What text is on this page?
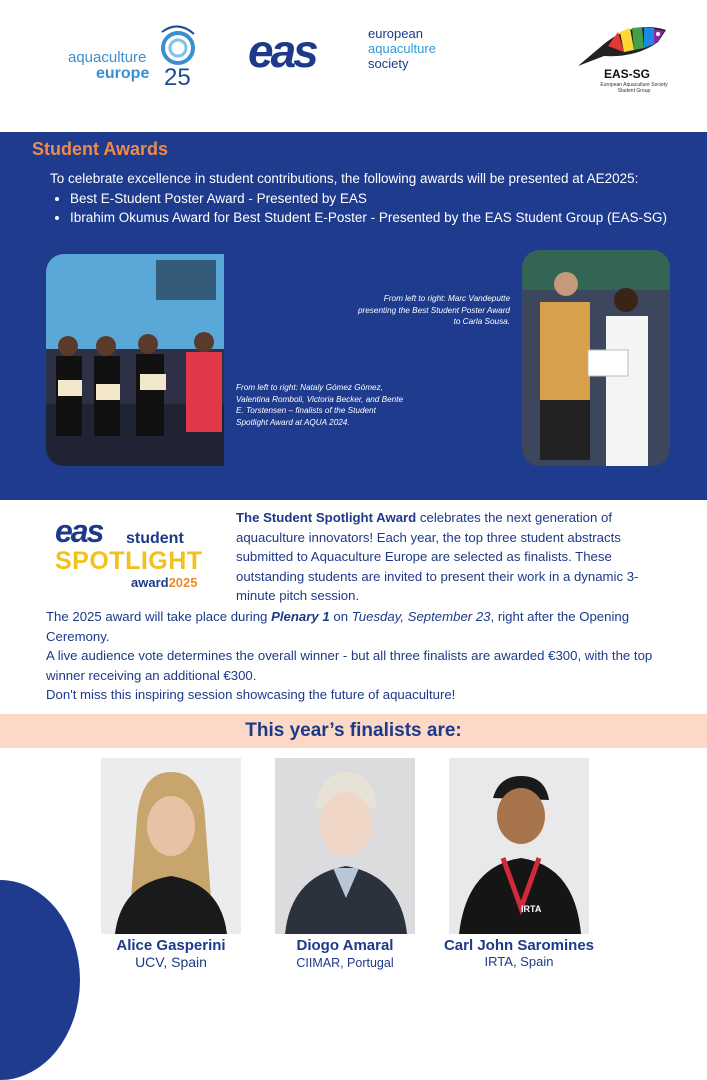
aquaculture
europe 25
eas	european
aquaculture
society
EAS-SG
European Aquaculture Society Student Group
Student Awards
To celebrate excellence in student contributions, the following awards will be presented at AE2025:
• Best E-Student Poster Award - Presented by EAS
• Ibrahim Okumus Award for Best Student E-Poster - Presented by the EAS Student Group (EAS-SG)
From left to right: Nataly Gómez Gómez, Valentina Romboli, Victoria Becker, and Bente E. Torstensen – finalists of the Student Spotlight Award at AQUA 2024.
From left to right: Marc Vandeputte presenting the Best Student Poster Award to Carla Sousa.
eas student
SPOTLIGHT
award2025
The Student Spotlight Award celebrates the next generation of aquaculture innovators! Each year, the top three student abstracts submitted to Aquaculture Europe are selected as finalists. These outstanding students are invited to present their work in a dynamic 3-minute pitch session.

The 2025 award will take place during Plenary 1 on Tuesday, September 23, right after the Opening Ceremony.

A live audience vote determines the overall winner - but all three finalists are awarded €300, with the top winner receiving an additional €300.

Don't miss this inspiring session showcasing the future of aquaculture!

This year’s finalists are:
IRTA
Alice Gasperini
UCV, Spain
Diogo Amaral
CIIMAR, Portugal
Carl John Saromines
IRTA, Spain
